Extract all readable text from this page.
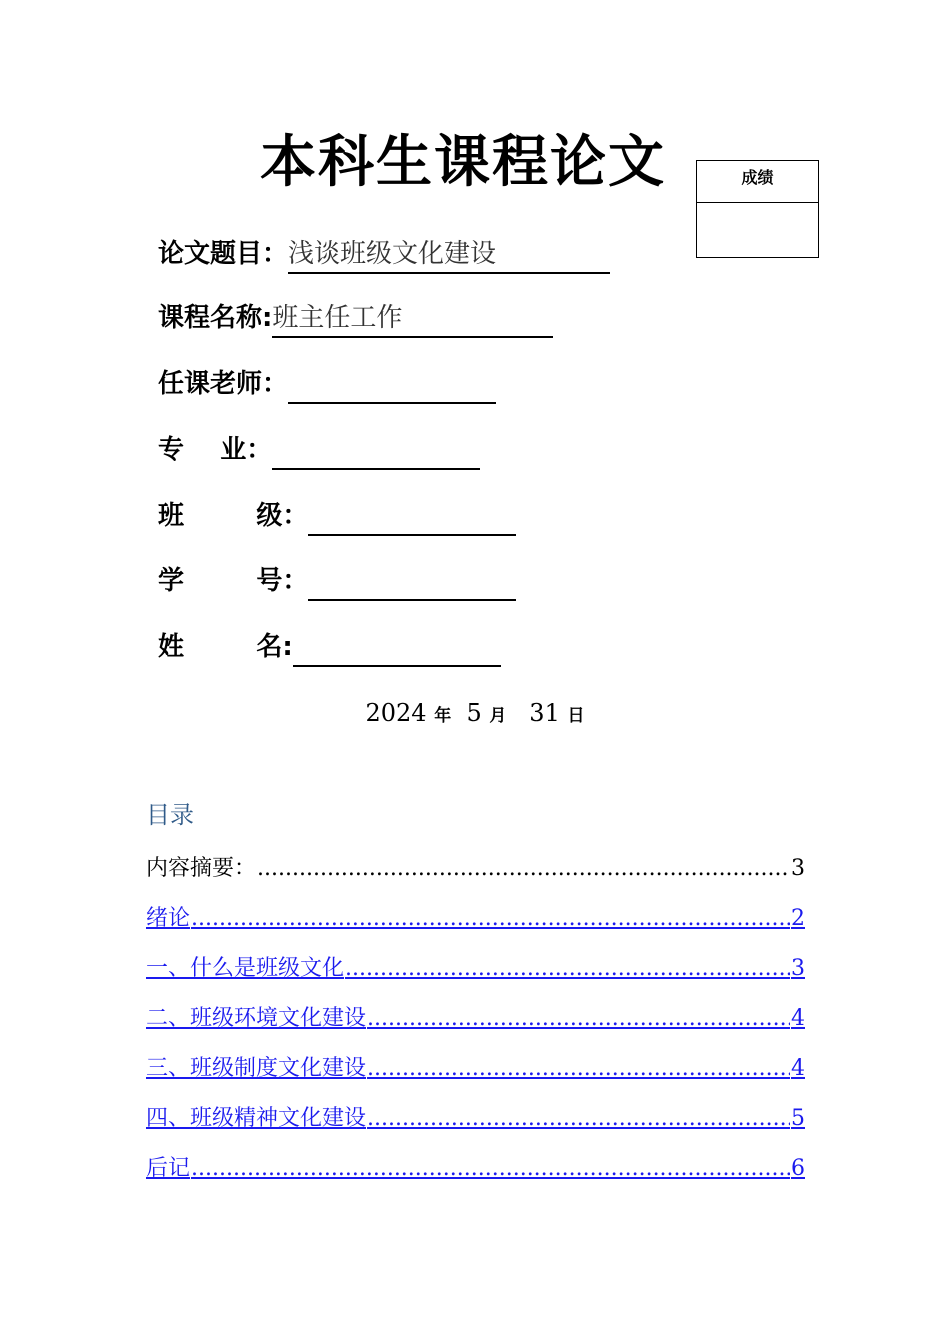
本科生课程论文	成绩
论文题目：浅谈班级文化建设
课程名称:班主任工作
任课老师：
专    业：
班        级：
学        号：
姓        名:
2024 年 5 月 31 日
目录
内容摘要： .....	3
绪论 .....	2
一、什么是班级文化 .....	3
二、班级环境文化建设 .....	4
三、班级制度文化建设 .....	4
四、班级精神文化建设 .....	5
后记 .....	6
